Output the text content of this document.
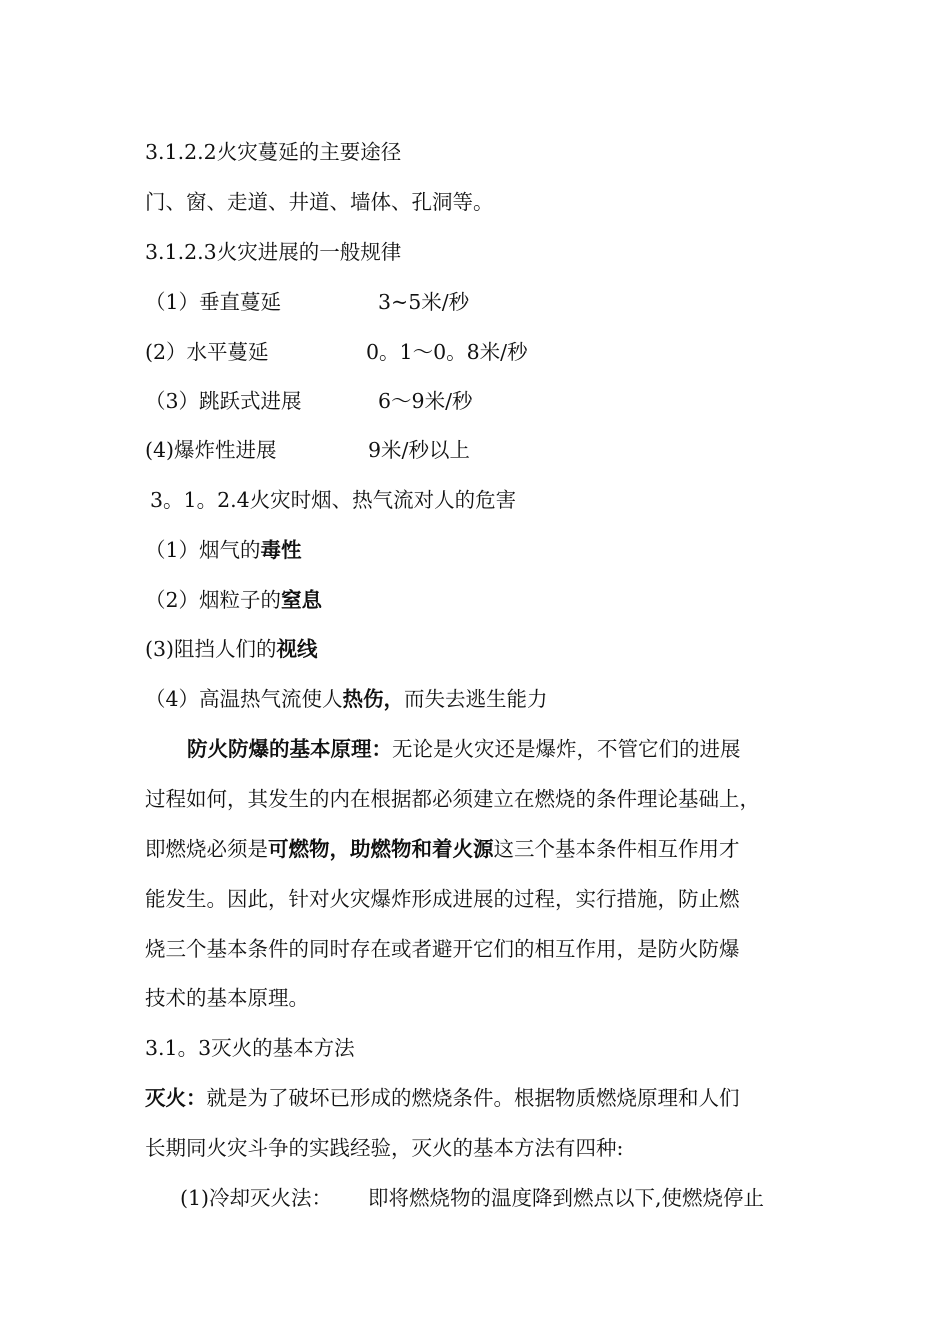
3.1.2.2火灾蔓延的主要途径
门、窗、走道、井道、墙体、孔洞等。
3.1.2.3火灾进展的一般规律
（1）垂直蔓延	3~5米/秒
(2）水平蔓延	0。1～0。8米/秒
（3）跳跃式进展	6～9米/秒
(4)爆炸性进展	9米/秒以上
3。1。2.4火灾时烟、热气流对人的危害
（1）烟气的毒性
（2）烟粒子的窒息
(3)阻挡人们的视线
（4）高温热气流使人热伤，而失去逃生能力
防火防爆的基本原理：无论是火灾还是爆炸，不管它们的进展
过程如何，其发生的内在根据都必须建立在燃烧的条件理论基础上，
即燃烧必须是可燃物，助燃物和着火源这三个基本条件相互作用才
能发生。因此，针对火灾爆炸形成进展的过程，实行措施，防止燃
烧三个基本条件的同时存在或者避开它们的相互作用，是防火防爆
技术的基本原理。
3.1。3灭火的基本方法
灭火：就是为了破坏已形成的燃烧条件。根据物质燃烧原理和人们
长期同火灾斗争的实践经验，灭火的基本方法有四种:
(1)冷却灭火法： 即将燃烧物的温度降到燃点以下,使燃烧停止
